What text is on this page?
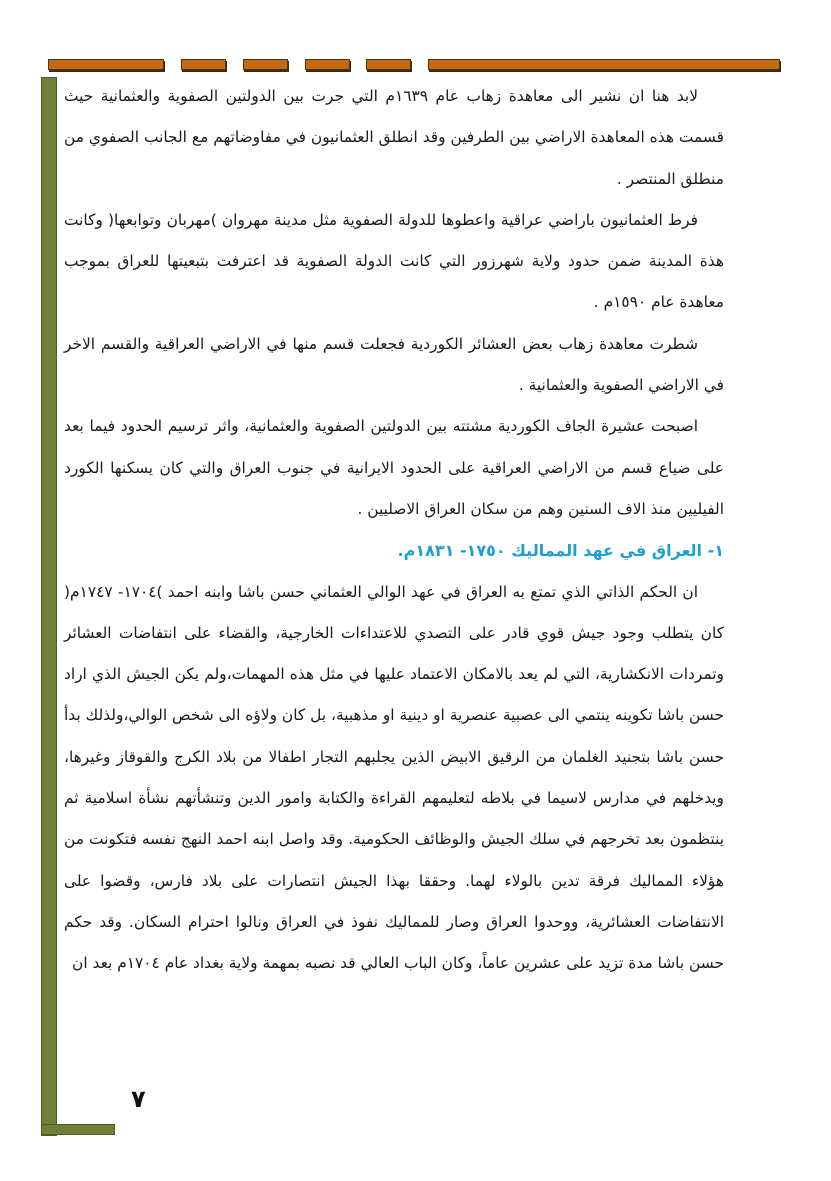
لابد هنا ان نشير الى معاهدة زهاب عام ١٦٣٩م التي جرت بين الدولتين الصفوية والعثمانية حيث قسمت هذه المعاهدة الاراضي بين الطرفين وقد انطلق العثمانيون في مفاوضاتهم مع الجانب الصفوي من منطلق المنتصر .

فرط العثمانيون باراضي عراقية واعطوها للدولة الصفوية مثل مدينة مهروان )مهربان وتوابعها( وكانت هذة المدينة ضمن حدود ولاية شهرزور التي كانت الدولة الصفوية قد اعترفت بتبعيتها للعراق بموجب معاهدة عام ١٥٩٠م .

شطرت معاهدة زهاب بعض العشائر الكوردية فجعلت قسم منها في الاراضي العراقية والقسم الاخر في الاراضي الصفوية والعثمانية .

اصبحت عشيرة الجاف الكوردية مشتته بين الدولتين الصفوية والعثمانية، واثر ترسيم الحدود فيما بعد على ضياع قسم من الاراضي العراقية على الحدود الايرانية في جنوب العراق والتي كان يسكنها الكورد الفيليين منذ الاف السنين وهم من سكان العراق الاصليين .

١- العراق في عهد المماليك ١٧٥٠- ١٨٣١م.

ان الحكم الذاتي الذي تمتع به العراق في عهد الوالي العثماني حسن باشا وابنه احمد )١٧٠٤- ١٧٤٧م( كان يتطلب وجود جيش قوي قادر على التصدي للاعتداءات الخارجية، والقضاء على انتفاضات العشائر وتمردات الانكشارية، التي لم يعد بالامكان الاعتماد عليها في مثل هذه المهمات،ولم يكن الجيش الذي اراد حسن باشا تكوينه ينتمي الى عصبية عنصرية او دينية او مذهبية، بل كان ولاؤه الى شخص الوالي،ولذلك بدأ حسن باشا بتجنيد الغلمان من الرقيق الابيض الذين يجلبهم التجار اطفالا من بلاد الكرج والقوقاز وغيرها، ويدخلهم في مدارس لاسيما في بلاطه لتعليمهم القراءة والكتابة وامور الدين وتنشأتهم نشأة اسلامية ثم ينتظمون بعد تخرجهم في سلك الجيش والوظائف الحكومية. وقد واصل ابنه احمد النهج نفسه فتكونت من هؤلاء المماليك فرقة تدين بالولاء لهما. وحققا بهذا الجيش انتصارات على بلاد فارس، وقضوا على الانتفاضات العشائرية، ووحدوا العراق وصار للمماليك نفوذ في العراق ونالوا احترام السكان. وقد حكم حسن باشا مدة تزيد على عشرين عاماً، وكان الباب العالي قد نصبه بمهمة ولاية بغداد عام ١٧٠٤م بعد ان

٧
